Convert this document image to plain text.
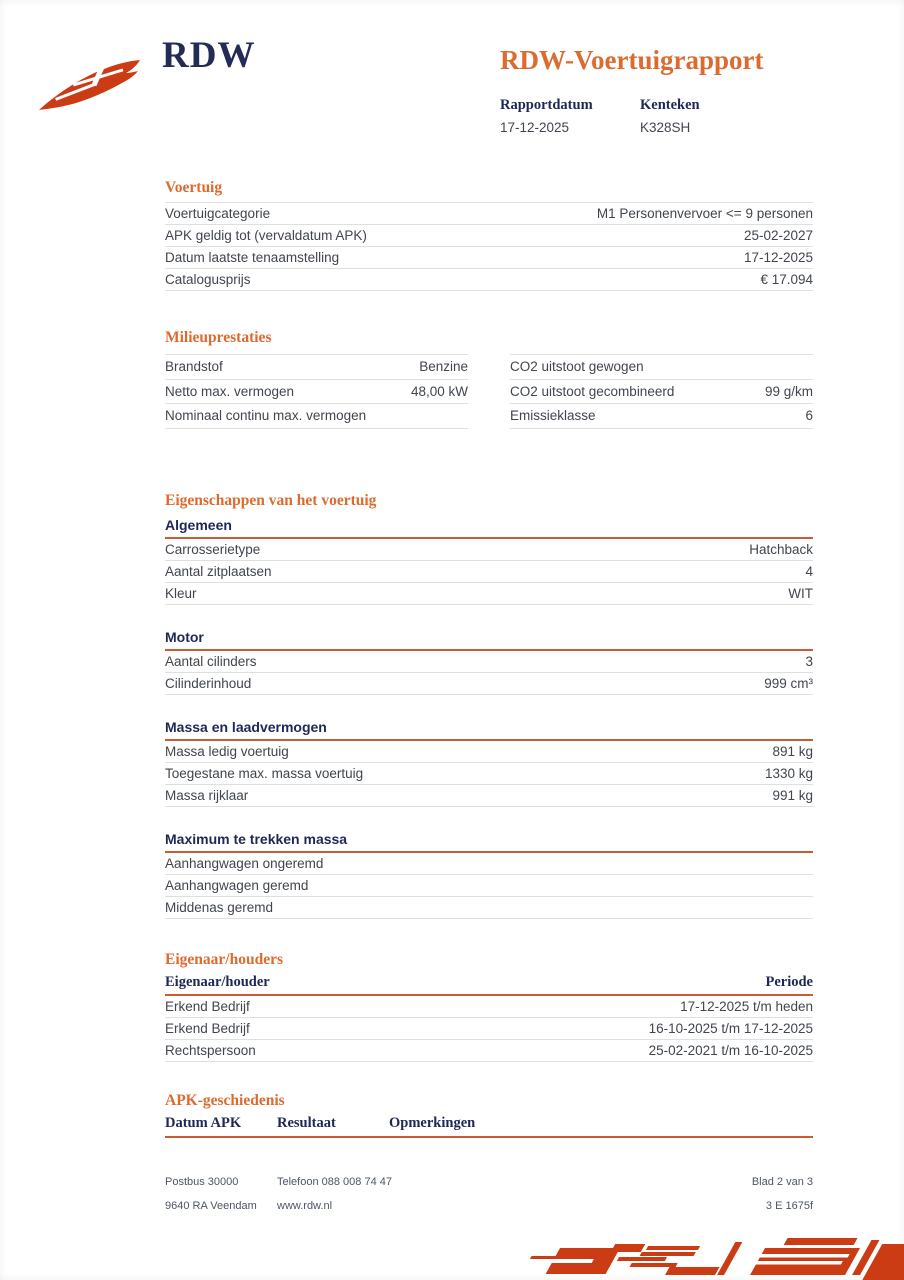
RDW	RDW-Voertuigrapport
Rapportdatum
17-12-2025
Kenteken
K328SH
Voertuig
Voertuigcategorie	M1 Personenvervoer <= 9 personen
APK geldig tot (vervaldatum APK)	25-02-2027
Datum laatste tenaamstelling	17-12-2025
Catalogusprijs	€ 17.094
Milieuprestaties
Brandstof	Benzine
Netto max. vermogen	48,00 kW
Nominaal continu max. vermogen
CO2 uitstoot gewogen
CO2 uitstoot gecombineerd	99 g/km
Emissieklasse	6
Eigenschappen van het voertuig
Algemeen
Carrosserietype	Hatchback
Aantal zitplaatsen	4
Kleur	WIT
Motor
Aantal cilinders	3
Cilinderinhoud	999 cm³
Massa en laadvermogen
Massa ledig voertuig	891 kg
Toegestane max. massa voertuig	1330 kg
Massa rijklaar	991 kg
Maximum te trekken massa
Aanhangwagen ongeremd
Aanhangwagen geremd
Middenas geremd
Eigenaar/houders
Eigenaar/houder	Periode
Erkend Bedrijf	17-12-2025 t/m heden
Erkend Bedrijf	16-10-2025 t/m 17-12-2025
Rechtspersoon	25-02-2021 t/m 16-10-2025
APK-geschiedenis
Datum APK	Resultaat	Opmerkingen
Postbus 30000	Telefoon 088 008 74 47	Blad 2 van 3
9640 RA Veendam	www.rdw.nl	3 E 1675f
